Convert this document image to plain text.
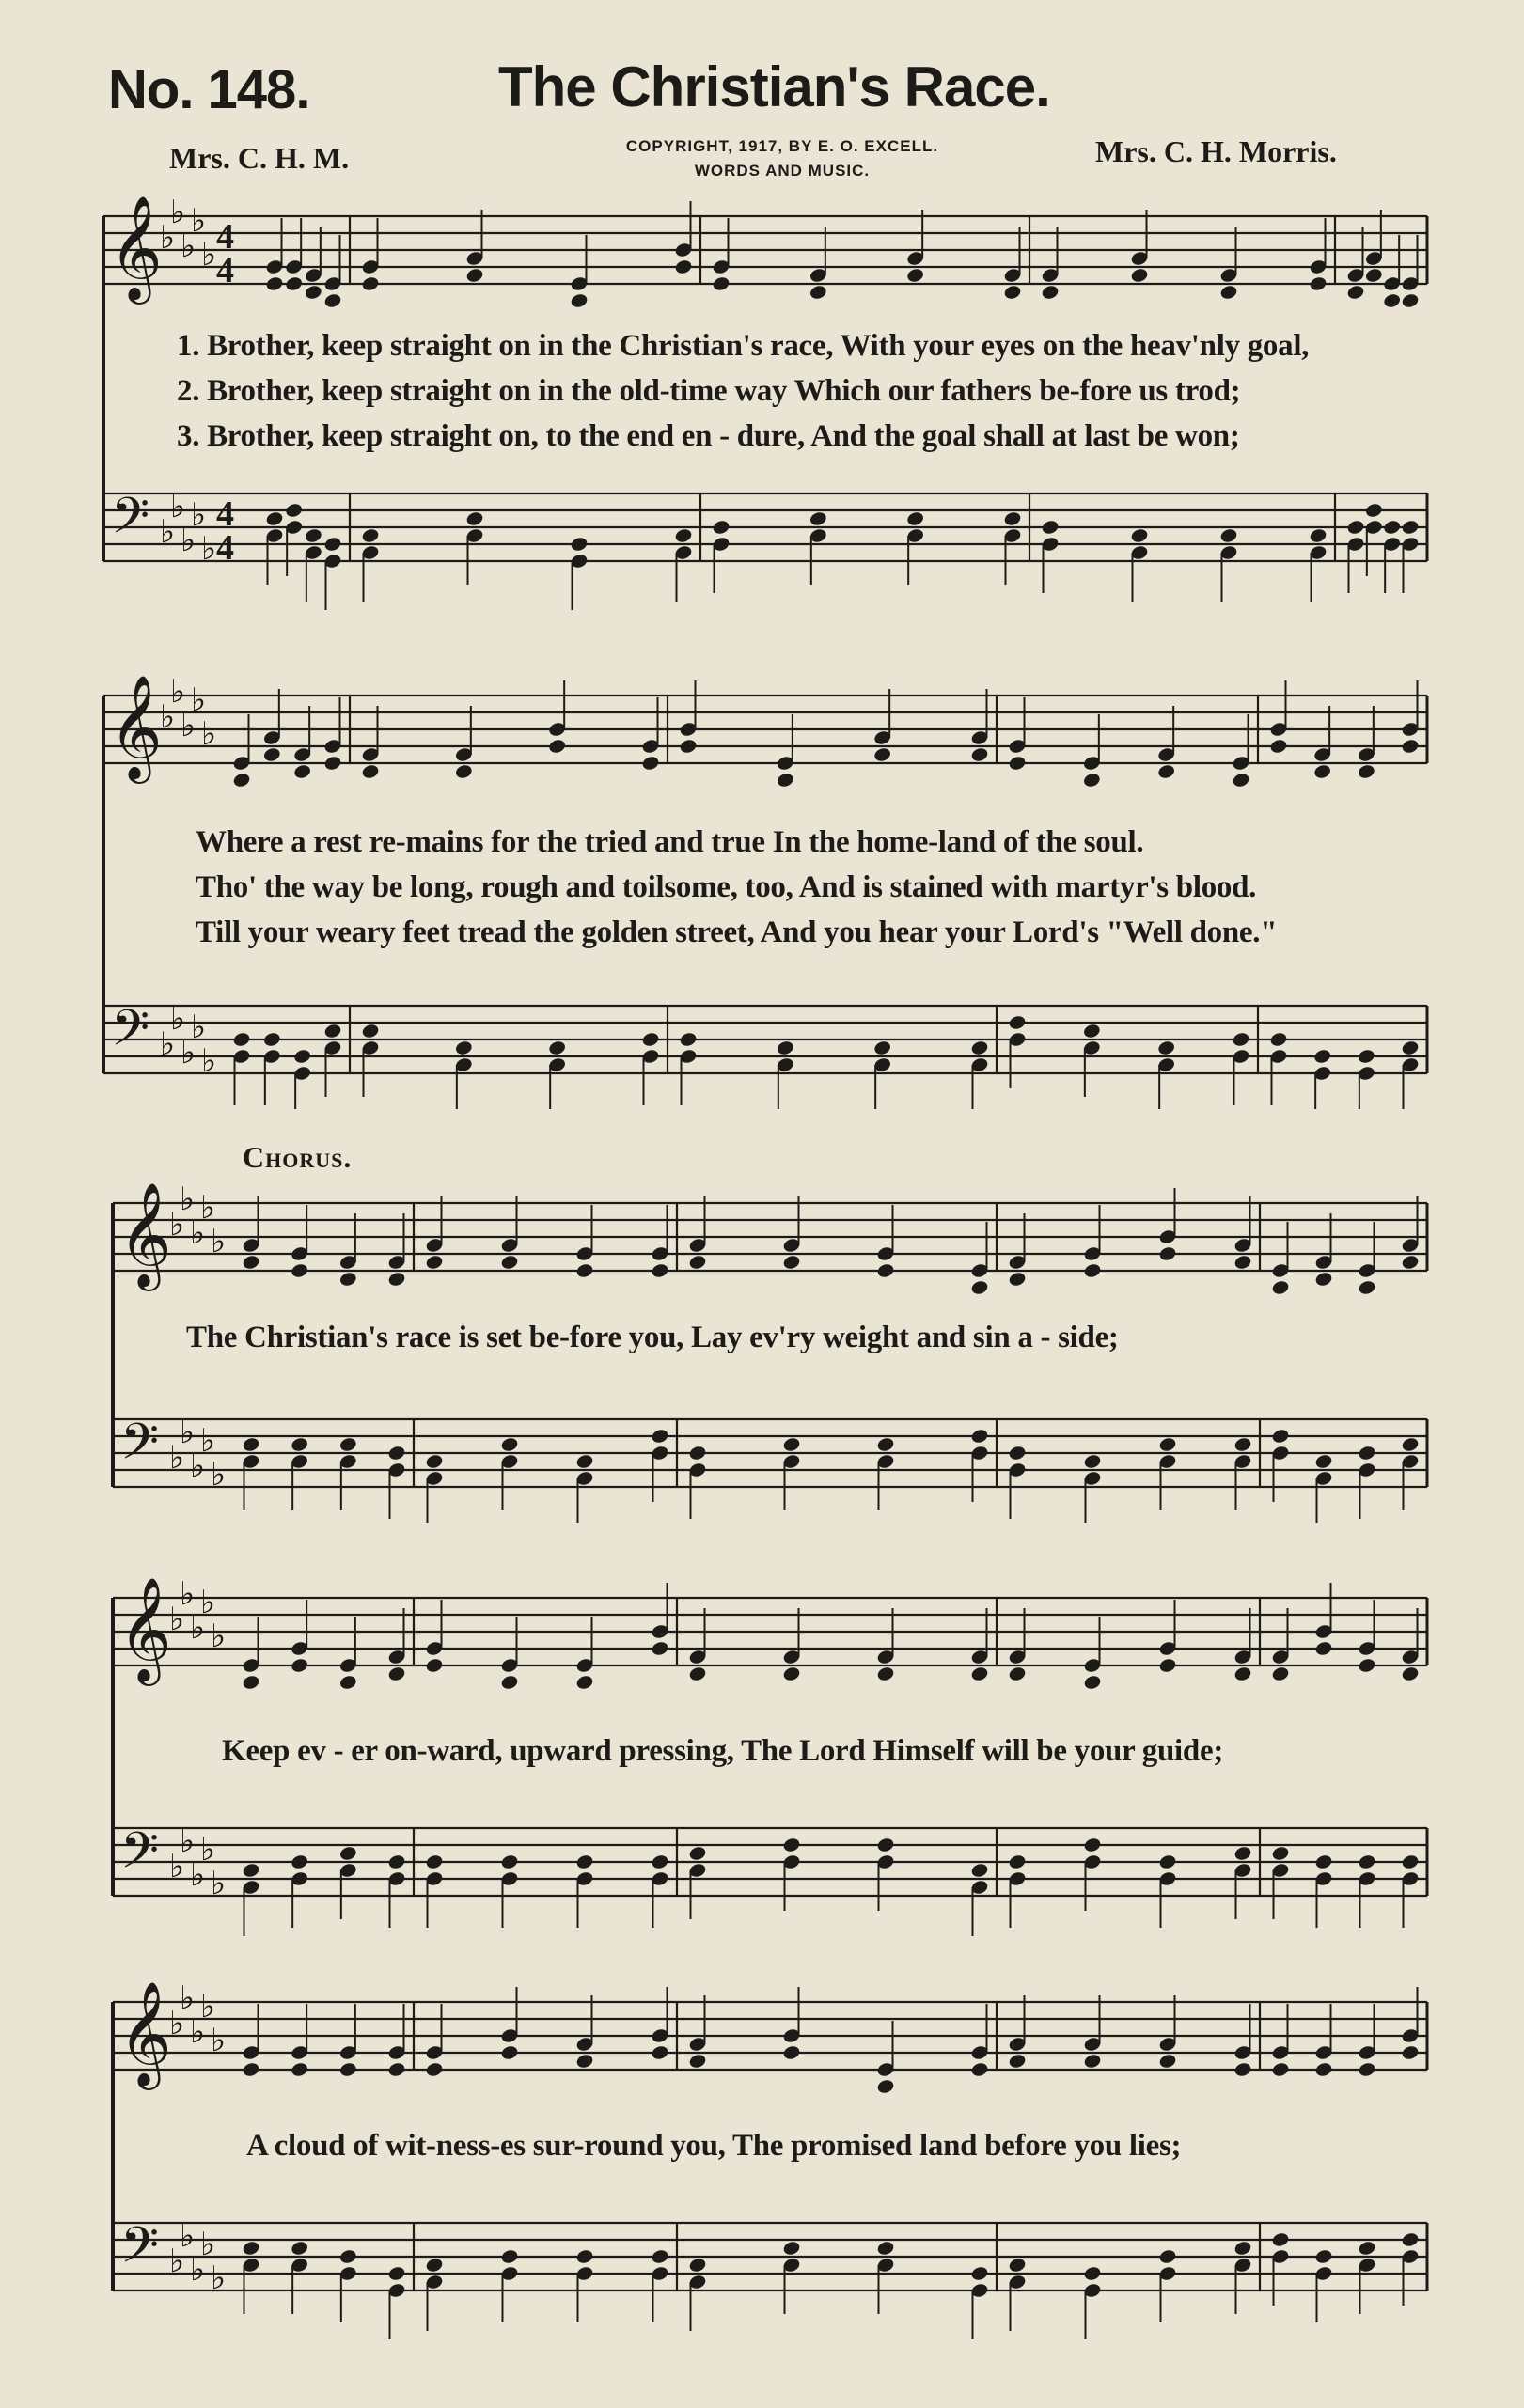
No. 148.	The Christian's Race.
Mrs. C. H. M.	COPYRIGHT, 1917, BY E. O. EXCELL.
WORDS AND MUSIC.
Mrs. C. H. Morris.
𝄞
𝄢
♭
♭
♭
♭
♭
♭
♭
♭
♭
♭
4
4
4
4
1. Brother, keep straight on in the Christian's race, With your eyes on the heav'nly goal,
2. Brother, keep straight on in the old-time way Which our fathers be-fore us trod;
3. Brother, keep straight on, to the end en - dure, And the goal shall at last be won;
𝄞
𝄢
♭
♭
♭
♭
♭
♭
♭
♭
♭
♭
Where a rest re-mains for the tried and true In the home-land of the soul.
Tho' the way be long, rough and toilsome, too, And is stained with martyr's blood.
Till your weary feet tread the golden street, And you hear your Lord's "Well done."
Chorus.
𝄞
𝄢
♭
♭
♭
♭
♭
♭
♭
♭
♭
♭
The Christian's race is set be-fore you, Lay ev'ry weight and sin a - side;
𝄞
𝄢
♭
♭
♭
♭
♭
♭
♭
♭
♭
♭
Keep ev - er on-ward, upward pressing, The Lord Himself will be your guide;
𝄞
𝄢
♭
♭
♭
♭
♭
♭
♭
♭
♭
♭
A cloud of wit-ness-es sur-round you, The promised land before you lies;
